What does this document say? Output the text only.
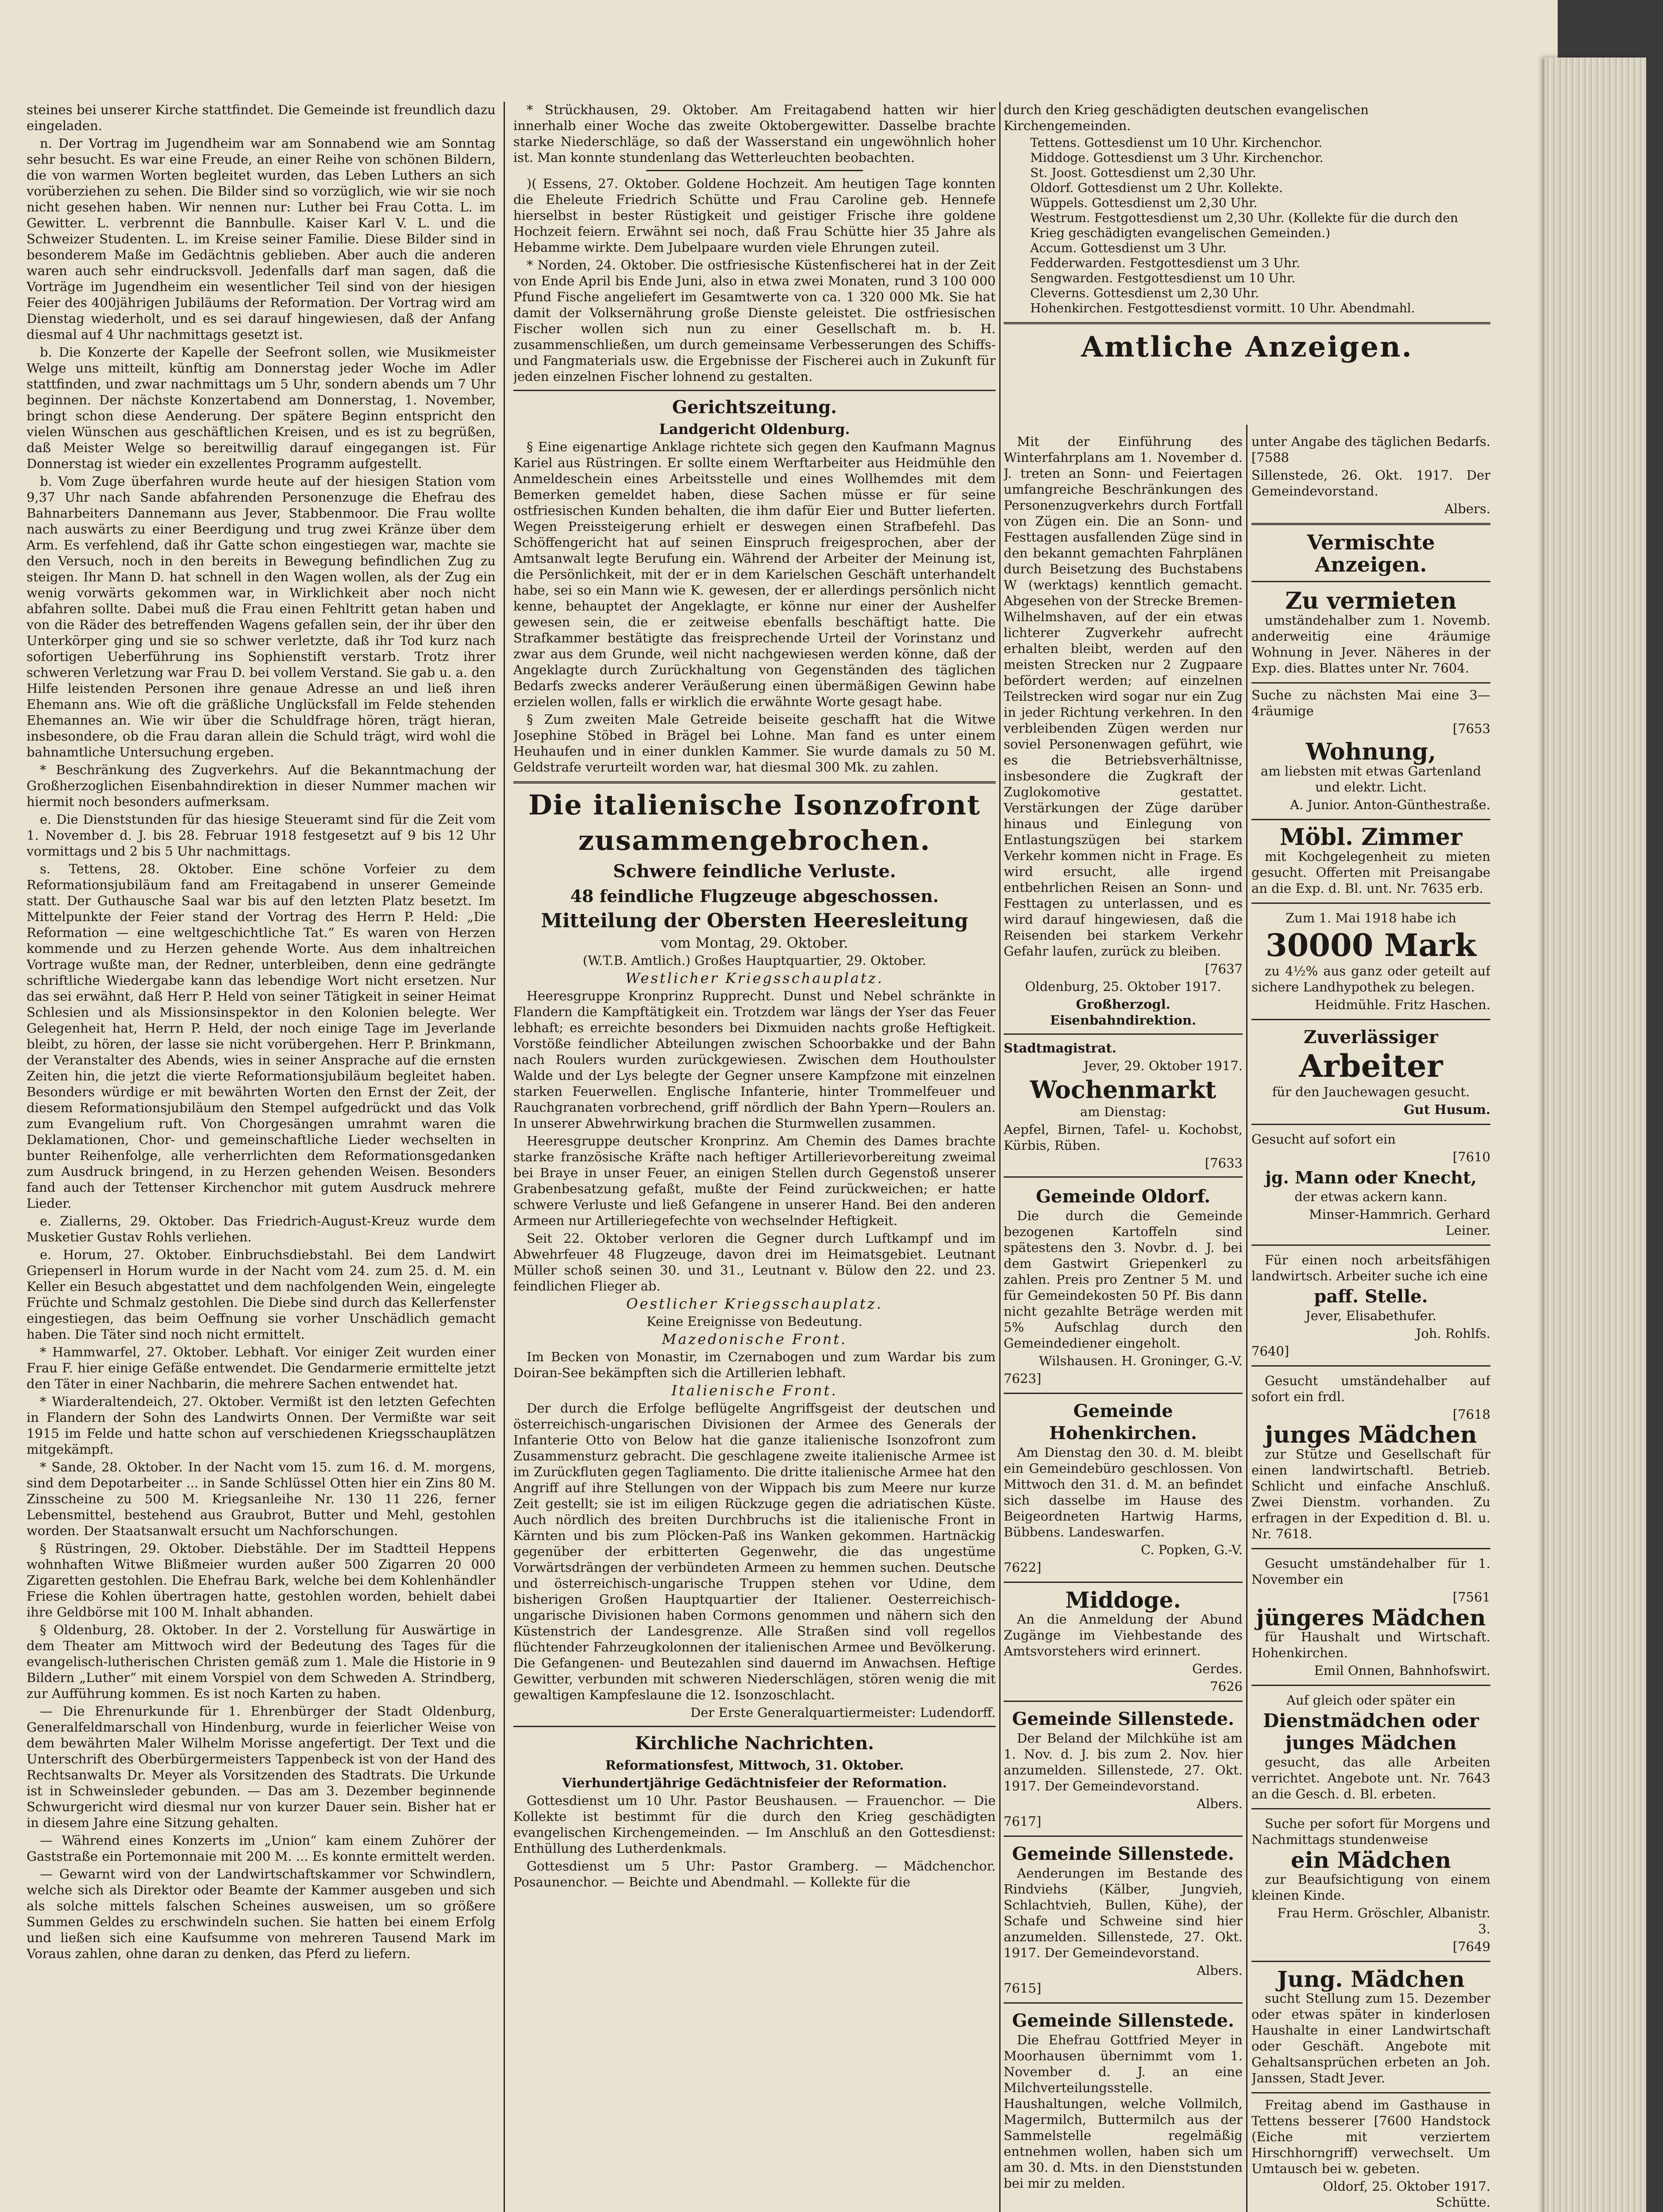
steines bei unserer Kirche stattfindet. Die Gemeinde ist freundlich dazu eingeladen.

n. Der Vortrag im Jugendheim war am Sonnabend wie am Sonntag sehr besucht. Es war eine Freude, an einer Reihe von schönen Bildern, die von warmen Worten begleitet wurden, das Leben Luthers an sich vorüberziehen zu sehen. Die Bilder sind so vorzüglich, wie wir sie noch nicht gesehen haben. Wir nennen nur: Luther bei Frau Cotta. L. im Gewitter. L. verbrennt die Bannbulle. Kaiser Karl V. L. und die Schweizer Studenten. L. im Kreise seiner Familie. Diese Bilder sind in besonderem Maße im Gedächtnis geblieben. Aber auch die anderen waren auch sehr eindrucksvoll. Jedenfalls darf man sagen, daß die Vorträge im Jugendheim ein wesentlicher Teil sind von der hiesigen Feier des 400jährigen Jubiläums der Reformation. Der Vortrag wird am Dienstag wiederholt, und es sei darauf hingewiesen, daß der Anfang diesmal auf 4 Uhr nachmittags gesetzt ist.

b. Die Konzerte der Kapelle der Seefront sollen, wie Musikmeister Welge uns mitteilt, künftig am Donnerstag jeder Woche im Adler stattfinden, und zwar nachmittags um 5 Uhr, sondern abends um 7 Uhr beginnen. Der nächste Konzertabend am Donnerstag, 1. November, bringt schon diese Aenderung. Der spätere Beginn entspricht den vielen Wünschen aus geschäftlichen Kreisen, und es ist zu begrüßen, daß Meister Welge so bereitwillig darauf eingegangen ist. Für Donnerstag ist wieder ein exzellentes Programm aufgestellt.

b. Vom Zuge überfahren wurde heute auf der hiesigen Station vom 9,37 Uhr nach Sande abfahrenden Personenzuge die Ehefrau des Bahnarbeiters Dannemann aus Jever, Stabbenmoor. Die Frau wollte nach auswärts zu einer Beerdigung und trug zwei Kränze über dem Arm. Es verfehlend, daß ihr Gatte schon eingestiegen war, machte sie den Versuch, noch in den bereits in Bewegung befindlichen Zug zu steigen. Ihr Mann D. hat schnell in den Wagen wollen, als der Zug ein wenig vorwärts gekommen war, in Wirklichkeit aber noch nicht abfahren sollte. Dabei muß die Frau einen Fehltritt getan haben und von die Räder des betreffenden Wagens gefallen sein, der ihr über den Unterkörper ging und sie so schwer verletzte, daß ihr Tod kurz nach sofortigen Ueberführung ins Sophienstift verstarb. Trotz ihrer schweren Verletzung war Frau D. bei vollem Verstand. Sie gab u. a. den Hilfe leistenden Personen ihre genaue Adresse an und ließ ihren Ehemann ans. Wie oft die gräßliche Unglücksfall im Felde stehenden Ehemannes an. Wie wir über die Schuldfrage hören, trägt hieran, insbesondere, ob die Frau daran allein die Schuld trägt, wird wohl die bahnamtliche Untersuchung ergeben.

* Beschränkung des Zugverkehrs. Auf die Bekanntmachung der Großherzoglichen Eisenbahndirektion in dieser Nummer machen wir hiermit noch besonders aufmerksam.

e. Die Dienststunden für das hiesige Steueramt sind für die Zeit vom 1. November d. J. bis 28. Februar 1918 festgesetzt auf 9 bis 12 Uhr vormittags und 2 bis 5 Uhr nachmittags.

s. Tettens, 28. Oktober. Eine schöne Vorfeier zu dem Reformationsjubiläum fand am Freitagabend in unserer Gemeinde statt. Der Guthausche Saal war bis auf den letzten Platz besetzt. Im Mittelpunkte der Feier stand der Vortrag des Herrn P. Held: „Die Reformation — eine weltgeschichtliche Tat.“ Es waren von Herzen kommende und zu Herzen gehende Worte. Aus dem inhaltreichen Vortrage wußte man, der Redner, unterbleiben, denn eine gedrängte schriftliche Wiedergabe kann das lebendige Wort nicht ersetzen. Nur das sei erwähnt, daß Herr P. Held von seiner Tätigkeit in seiner Heimat Schlesien und als Missionsinspektor in den Kolonien belegte. Wer Gelegenheit hat, Herrn P. Held, der noch einige Tage im Jeverlande bleibt, zu hören, der lasse sie nicht vorübergehen. Herr P. Brinkmann, der Veranstalter des Abends, wies in seiner Ansprache auf die ernsten Zeiten hin, die jetzt die vierte Reformationsjubiläum begleitet haben. Besonders würdige er mit bewährten Worten den Ernst der Zeit, der diesem Reformationsjubiläum den Stempel aufgedrückt und das Volk zum Evangelium ruft. Von Chorgesängen umrahmt waren die Deklamationen, Chor- und gemeinschaftliche Lieder wechselten in bunter Reihenfolge, alle verherrlichten dem Reformationsgedanken zum Ausdruck bringend, in zu Herzen gehenden Weisen. Besonders fand auch der Tettenser Kirchenchor mit gutem Ausdruck mehrere Lieder.

e. Ziallerns, 29. Oktober. Das Friedrich-August-Kreuz wurde dem Musketier Gustav Rohls verliehen.

e. Horum, 27. Oktober. Einbruchsdiebstahl. Bei dem Landwirt Griepenserl in Horum wurde in der Nacht vom 24. zum 25. d. M. ein Keller ein Besuch abgestattet und dem nachfolgenden Wein, eingelegte Früchte und Schmalz gestohlen. Die Diebe sind durch das Kellerfenster eingestiegen, das beim Oeffnung sie vorher Unschädlich gemacht haben. Die Täter sind noch nicht ermittelt.

* Hammwarfel, 27. Oktober. Lebhaft. Vor einiger Zeit wurden einer Frau F. hier einige Gefäße entwendet. Die Gendarmerie ermittelte jetzt den Täter in einer Nachbarin, die mehrere Sachen entwendet hat.

* Wiarderaltendeich, 27. Oktober. Vermißt ist den letzten Gefechten in Flandern der Sohn des Landwirts Onnen. Der Vermißte war seit 1915 im Felde und hatte schon auf verschiedenen Kriegsschauplätzen mitgekämpft.

* Sande, 28. Oktober. In der Nacht vom 15. zum 16. d. M. morgens, sind dem Depotarbeiter ... in Sande Schlüssel Otten hier ein Zins 80 M. Zinsscheine zu 500 M. Kriegsanleihe Nr. 130 11 226, ferner Lebensmittel, bestehend aus Graubrot, Butter und Mehl, gestohlen worden. Der Staatsanwalt ersucht um Nachforschungen.

§ Rüstringen, 29. Oktober. Diebstähle. Der im Stadtteil Heppens wohnhaften Witwe Blißmeier wurden außer 500 Zigarren 20 000 Zigaretten gestohlen. Die Ehefrau Bark, welche bei dem Kohlenhändler Friese die Kohlen übertragen hatte, gestohlen worden, behielt dabei ihre Geldbörse mit 100 M. Inhalt abhanden.

§ Oldenburg, 28. Oktober. In der 2. Vorstellung für Auswärtige in dem Theater am Mittwoch wird der Bedeutung des Tages für die evangelisch-lutherischen Christen gemäß zum 1. Male die Historie in 9 Bildern „Luther“ mit einem Vorspiel von dem Schweden A. Strindberg, zur Aufführung kommen. Es ist noch Karten zu haben.

— Die Ehrenurkunde für 1. Ehrenbürger der Stadt Oldenburg, Generalfeldmarschall von Hindenburg, wurde in feierlicher Weise von dem bewährten Maler Wilhelm Morisse angefertigt. Der Text und die Unterschrift des Oberbürgermeisters Tappenbeck ist von der Hand des Rechtsanwalts Dr. Meyer als Vorsitzenden des Stadtrats. Die Urkunde ist in Schweinsleder gebunden. — Das am 3. Dezember beginnende Schwurgericht wird diesmal nur von kurzer Dauer sein. Bisher hat er in diesem Jahre eine Sitzung gehalten.

— Während eines Konzerts im „Union“ kam einem Zuhörer der Gaststraße ein Portemonnaie mit 200 M. ... Es konnte ermittelt werden.

— Gewarnt wird von der Landwirtschaftskammer vor Schwindlern, welche sich als Direktor oder Beamte der Kammer ausgeben und sich als solche mittels falschen Scheines ausweisen, um so größere Summen Geldes zu erschwindeln suchen. Sie hatten bei einem Erfolg und ließen sich eine Kaufsumme von mehreren Tausend Mark im Voraus zahlen, ohne daran zu denken, das Pferd zu liefern.

* Strückhausen, 29. Oktober. Am Freitagabend hatten wir hier innerhalb einer Woche das zweite Oktobergewitter. Dasselbe brachte starke Niederschläge, so daß der Wasserstand ein ungewöhnlich hoher ist. Man konnte stundenlang das Wetterleuchten beobachten.

)( Essens, 27. Oktober. Goldene Hochzeit. Am heutigen Tage konnten die Eheleute Friedrich Schütte und Frau Caroline geb. Hennefe hierselbst in bester Rüstigkeit und geistiger Frische ihre goldene Hochzeit feiern. Erwähnt sei noch, daß Frau Schütte hier 35 Jahre als Hebamme wirkte. Dem Jubelpaare wurden viele Ehrungen zuteil.

* Norden, 24. Oktober. Die ostfriesische Küstenfischerei hat in der Zeit von Ende April bis Ende Juni, also in etwa zwei Monaten, rund 3 100 000 Pfund Fische angeliefert im Gesamtwerte von ca. 1 320 000 Mk. Sie hat damit der Volksernährung große Dienste geleistet. Die ostfriesischen Fischer wollen sich nun zu einer Gesellschaft m. b. H. zusammenschließen, um durch gemeinsame Verbesserungen des Schiffs- und Fangmaterials usw. die Ergebnisse der Fischerei auch in Zukunft für jeden einzelnen Fischer lohnend zu gestalten.

Gerichtszeitung.
Landgericht Oldenburg.

§ Eine eigenartige Anklage richtete sich gegen den Kaufmann Magnus Kariel aus Rüstringen. Er sollte einem Werftarbeiter aus Heidmühle den Anmeldeschein eines Arbeitsstelle und eines Wollhemdes mit dem Bemerken gemeldet haben, diese Sachen müsse er für seine ostfriesischen Kunden behalten, die ihm dafür Eier und Butter lieferten. Wegen Preissteigerung erhielt er deswegen einen Strafbefehl. Das Schöffengericht hat auf seinen Einspruch freigesprochen, aber der Amtsanwalt legte Berufung ein. Während der Arbeiter der Meinung ist, die Persönlichkeit, mit der er in dem Karielschen Geschäft unterhandelt habe, sei so ein Mann wie K. gewesen, der er allerdings persönlich nicht kenne, behauptet der Angeklagte, er könne nur einer der Aushelfer gewesen sein, die er zeitweise ebenfalls beschäftigt hatte. Die Strafkammer bestätigte das freisprechende Urteil der Vorinstanz und zwar aus dem Grunde, weil nicht nachgewiesen werden könne, daß der Angeklagte durch Zurückhaltung von Gegenständen des täglichen Bedarfs zwecks anderer Veräußerung einen übermäßigen Gewinn habe erzielen wollen, falls er wirklich die erwähnte Worte gesagt habe.

§ Zum zweiten Male Getreide beiseite geschafft hat die Witwe Josephine Stöbed in Brägel bei Lohne. Man fand es unter einem Heuhaufen und in einer dunklen Kammer. Sie wurde damals zu 50 M. Geldstrafe verurteilt worden war, hat diesmal 300 Mk. zu zahlen.

Die italienische Isonzofront
zusammengebrochen.
Schwere feindliche Verluste.
48 feindliche Flugzeuge abgeschossen.
Mitteilung der Obersten Heeresleitung
vom Montag, 29. Oktober.

(W.T.B. Amtlich.) Großes Hauptquartier, 29. Oktober.

Westlicher Kriegsschauplatz.

Heeresgruppe Kronprinz Rupprecht. Dunst und Nebel schränkte in Flandern die Kampftätigkeit ein. Trotzdem war längs der Yser das Feuer lebhaft; es erreichte besonders bei Dixmuiden nachts große Heftigkeit. Vorstöße feindlicher Abteilungen zwischen Schoorbakke und der Bahn nach Roulers wurden zurückgewiesen. Zwischen dem Houthoulster Walde und der Lys belegte der Gegner unsere Kampfzone mit einzelnen starken Feuerwellen. Englische Infanterie, hinter Trommelfeuer und Rauchgranaten vorbrechend, griff nördlich der Bahn Ypern—Roulers an. In unserer Abwehrwirkung brachen die Sturmwellen zusammen.

Heeresgruppe deutscher Kronprinz. Am Chemin des Dames brachte starke französische Kräfte nach heftiger Artillerievorbereitung zweimal bei Braye in unser Feuer, an einigen Stellen durch Gegenstoß unserer Grabenbesatzung gefaßt, mußte der Feind zurückweichen; er hatte schwere Verluste und ließ Gefangene in unserer Hand. Bei den anderen Armeen nur Artilleriegefechte von wechselnder Heftigkeit.

Seit 22. Oktober verloren die Gegner durch Luftkampf und im Abwehrfeuer 48 Flugzeuge, davon drei im Heimatsgebiet. Leutnant Müller schoß seinen 30. und 31., Leutnant v. Bülow den 22. und 23. feindlichen Flieger ab.

Oestlicher Kriegsschauplatz.

Keine Ereignisse von Bedeutung.

Mazedonische Front.

Im Becken von Monastir, im Czernabogen und zum Wardar bis zum Doiran-See bekämpften sich die Artillerien lebhaft.

Italienische Front.

Der durch die Erfolge beflügelte Angriffsgeist der deutschen und österreichisch-ungarischen Divisionen der Armee des Generals der Infanterie Otto von Below hat die ganze italienische Isonzofront zum Zusammensturz gebracht. Die geschlagene zweite italienische Armee ist im Zurückfluten gegen Tagliamento. Die dritte italienische Armee hat den Angriff auf ihre Stellungen von der Wippach bis zum Meere nur kurze Zeit gestellt; sie ist im eiligen Rückzuge gegen die adriatischen Küste. Auch nördlich des breiten Durchbruchs ist die italienische Front in Kärnten und bis zum Plöcken-Paß ins Wanken gekommen. Hartnäckig gegenüber der erbitterten Gegenwehr, die das ungestüme Vorwärtsdrängen der verbündeten Armeen zu hemmen suchen. Deutsche und österreichisch-ungarische Truppen stehen vor Udine, dem bisherigen Großen Hauptquartier der Italiener. Oesterreichisch-ungarische Divisionen haben Cormons genommen und nähern sich den Küstenstrich der Landesgrenze. Alle Straßen sind voll regellos flüchtender Fahrzeugkolonnen der italienischen Armee und Bevölkerung. Die Gefangenen- und Beutezahlen sind dauernd im Anwachsen. Heftige Gewitter, verbunden mit schweren Niederschlägen, stören wenig die mit gewaltigen Kampfeslaune die 12. Isonzoschlacht.

Der Erste Generalquartiermeister: Ludendorff.

Kirchliche Nachrichten.
Reformationsfest, Mittwoch, 31. Oktober.
Vierhundertjährige Gedächtnisfeier der Reformation.

Gottesdienst um 10 Uhr. Pastor Beushausen. — Frauenchor. — Die Kollekte ist bestimmt für die durch den Krieg geschädigten evangelischen Kirchengemeinden. — Im Anschluß an den Gottesdienst: Enthüllung des Lutherdenkmals.

Gottesdienst um 5 Uhr: Pastor Gramberg. — Mädchenchor. Posaunenchor. — Beichte und Abendmahl. — Kollekte für die

durch den Krieg geschädigten deutschen evangelischen Kirchengemeinden.

Tettens. Gottesdienst um 10 Uhr. Kirchenchor.
Middoge. Gottesdienst um 3 Uhr. Kirchenchor.
St. Joost. Gottesdienst um 2,30 Uhr.
Oldorf. Gottesdienst um 2 Uhr. Kollekte.
Wüppels. Gottesdienst um 2,30 Uhr.
Westrum. Festgottesdienst um 2,30 Uhr. (Kollekte für die durch den Krieg geschädigten evangelischen Gemeinden.)
Accum. Gottesdienst um 3 Uhr.
Fedderwarden. Festgottesdienst um 3 Uhr.
Sengwarden. Festgottesdienst um 10 Uhr.
Cleverns. Gottesdienst um 2,30 Uhr.
Hohenkirchen. Festgottesdienst vormitt. 10 Uhr. Abendmahl.
Amtliche Anzeigen.

Mit der Einführung des Winterfahrplans am 1. November d. J. treten an Sonn- und Feiertagen umfangreiche Beschränkungen des Personenzugverkehrs durch Fortfall von Zügen ein. Die an Sonn- und Festtagen ausfallenden Züge sind in den bekannt gemachten Fahrplänen durch Beisetzung des Buchstabens W (werktags) kenntlich gemacht. Abgesehen von der Strecke Bremen-Wilhelmshaven, auf der ein etwas lichterer Zugverkehr aufrecht erhalten bleibt, werden auf den meisten Strecken nur 2 Zugpaare befördert werden; auf einzelnen Teilstrecken wird sogar nur ein Zug in jeder Richtung verkehren. In den verbleibenden Zügen werden nur soviel Personenwagen geführt, wie es die Betriebsverhältnisse, insbesondere die Zugkraft der Zuglokomotive gestattet. Verstärkungen der Züge darüber hinaus und Einlegung von Entlastungszügen bei starkem Verkehr kommen nicht in Frage. Es wird ersucht, alle irgend entbehrlichen Reisen an Sonn- und Festtagen zu unterlassen, und es wird darauf hingewiesen, daß die Reisenden bei starkem Verkehr Gefahr laufen, zurück zu bleiben.

[7637

Oldenburg, 25. Oktober 1917.

Großherzogl. Eisenbahndirektion.

Stadtmagistrat.

Jever, 29. Oktober 1917.

Wochenmarkt

am Dienstag:

Aepfel, Birnen, Tafel- u. Kochobst, Kürbis, Rüben.

[7633

Gemeinde Oldorf.

Die durch die Gemeinde bezogenen Kartoffeln sind spätestens den 3. Novbr. d. J. bei dem Gastwirt Griepenkerl zu zahlen. Preis pro Zentner 5 M. und für Gemeindekosten 50 Pf. Bis dann nicht gezahlte Beträge werden mit 5% Aufschlag durch den Gemeindediener eingeholt.

Wilshausen. H. Groninger, G.-V.

7623]

Gemeinde Hohenkirchen.

Am Dienstag den 30. d. M. bleibt ein Gemeindebüro geschlossen. Von Mittwoch den 31. d. M. an befindet sich dasselbe im Hause des Beigeordneten Hartwig Harms, Bübbens. Landeswarfen.

C. Popken, G.-V.

7622]

Middoge.

An die Anmeldung der Abund Zugänge im Viehbestande des Amtsvorstehers wird erinnert.

Gerdes.

7626

Gemeinde Sillenstede.

Der Beland der Milchkühe ist am 1. Nov. d. J. bis zum 2. Nov. hier anzumelden. Sillenstede, 27. Okt. 1917. Der Gemeindevorstand.

Albers.

7617]

Gemeinde Sillenstede.

Aenderungen im Bestande des Rindviehs (Kälber, Jungvieh, Schlachtvieh, Bullen, Kühe), der Schafe und Schweine sind hier anzumelden. Sillenstede, 27. Okt. 1917. Der Gemeindevorstand.

Albers.

7615]

Gemeinde Sillenstede.

Die Ehefrau Gottfried Meyer in Moorhausen übernimmt vom 1. November d. J. an eine Milchverteilungsstelle. Haushaltungen, welche Vollmilch, Magermilch, Buttermilch aus der Sammelstelle regelmäßig entnehmen wollen, haben sich um am 30. d. Mts. in den Dienststunden bei mir zu melden.

unter Angabe des täglichen Bedarfs. [7588

Sillenstede, 26. Okt. 1917. Der Gemeindevorstand.

Albers.

Vermischte Anzeigen.
Zu vermieten

umständehalber zum 1. Novemb. anderweitig eine 4räumige Wohnung in Jever. Näheres in der Exp. dies. Blattes unter Nr. 7604.

Suche zu nächsten Mai eine 3—4räumige

[7653

Wohnung,

am liebsten mit etwas Gartenland und elektr. Licht.

A. Junior. Anton-Günthestraße.

Möbl. Zimmer

mit Kochgelegenheit zu mieten gesucht. Offerten mit Preisangabe an die Exp. d. Bl. unt. Nr. 7635 erb.

Zum 1. Mai 1918 habe ich

30000 Mark

zu 4½% aus ganz oder geteilt auf sichere Landhypothek zu belegen.

Heidmühle. Fritz Haschen.

Zuverlässiger
Arbeiter

für den Jauchewagen gesucht.

Gut Husum.

Gesucht auf sofort ein

[7610

jg. Mann oder Knecht,

der etwas ackern kann.

Minser-Hammrich. Gerhard Leiner.

Für einen noch arbeitsfähigen landwirtsch. Arbeiter suche ich eine

paff. Stelle.

Jever, Elisabethufer.

Joh. Rohlfs.

7640]

Gesucht umständehalber auf sofort ein frdl.

[7618

junges Mädchen

zur Stütze und Gesellschaft für einen landwirtschaftl. Betrieb. Schlicht und einfache Anschluß. Zwei Dienstm. vorhanden. Zu erfragen in der Expedition d. Bl. u. Nr. 7618.

Gesucht umständehalber für 1. November ein

[7561

jüngeres Mädchen

für Haushalt und Wirtschaft. Hohenkirchen.

Emil Onnen, Bahnhofswirt.

Auf gleich oder später ein

Dienstmädchen oder junges Mädchen

gesucht, das alle Arbeiten verrichtet. Angebote unt. Nr. 7643 an die Gesch. d. Bl. erbeten.

Suche per sofort für Morgens und Nachmittags stundenweise

ein Mädchen

zur Beaufsichtigung von einem kleinen Kinde.

Frau Herm. Gröschler, Albanistr. 3.

[7649

Jung. Mädchen

sucht Stellung zum 15. Dezember oder etwas später in kinderlosen Haushalte in einer Landwirtschaft oder Geschäft. Angebote mit Gehaltsansprüchen erbeten an Joh. Janssen, Stadt Jever.

Freitag abend im Gasthause in Tettens besserer [7600 Handstock (Eiche mit verziertem Hirschhorngriff) verwechselt. Um Umtausch bei w. gebeten.

Oldorf, 25. Oktober 1917. Schütte.
